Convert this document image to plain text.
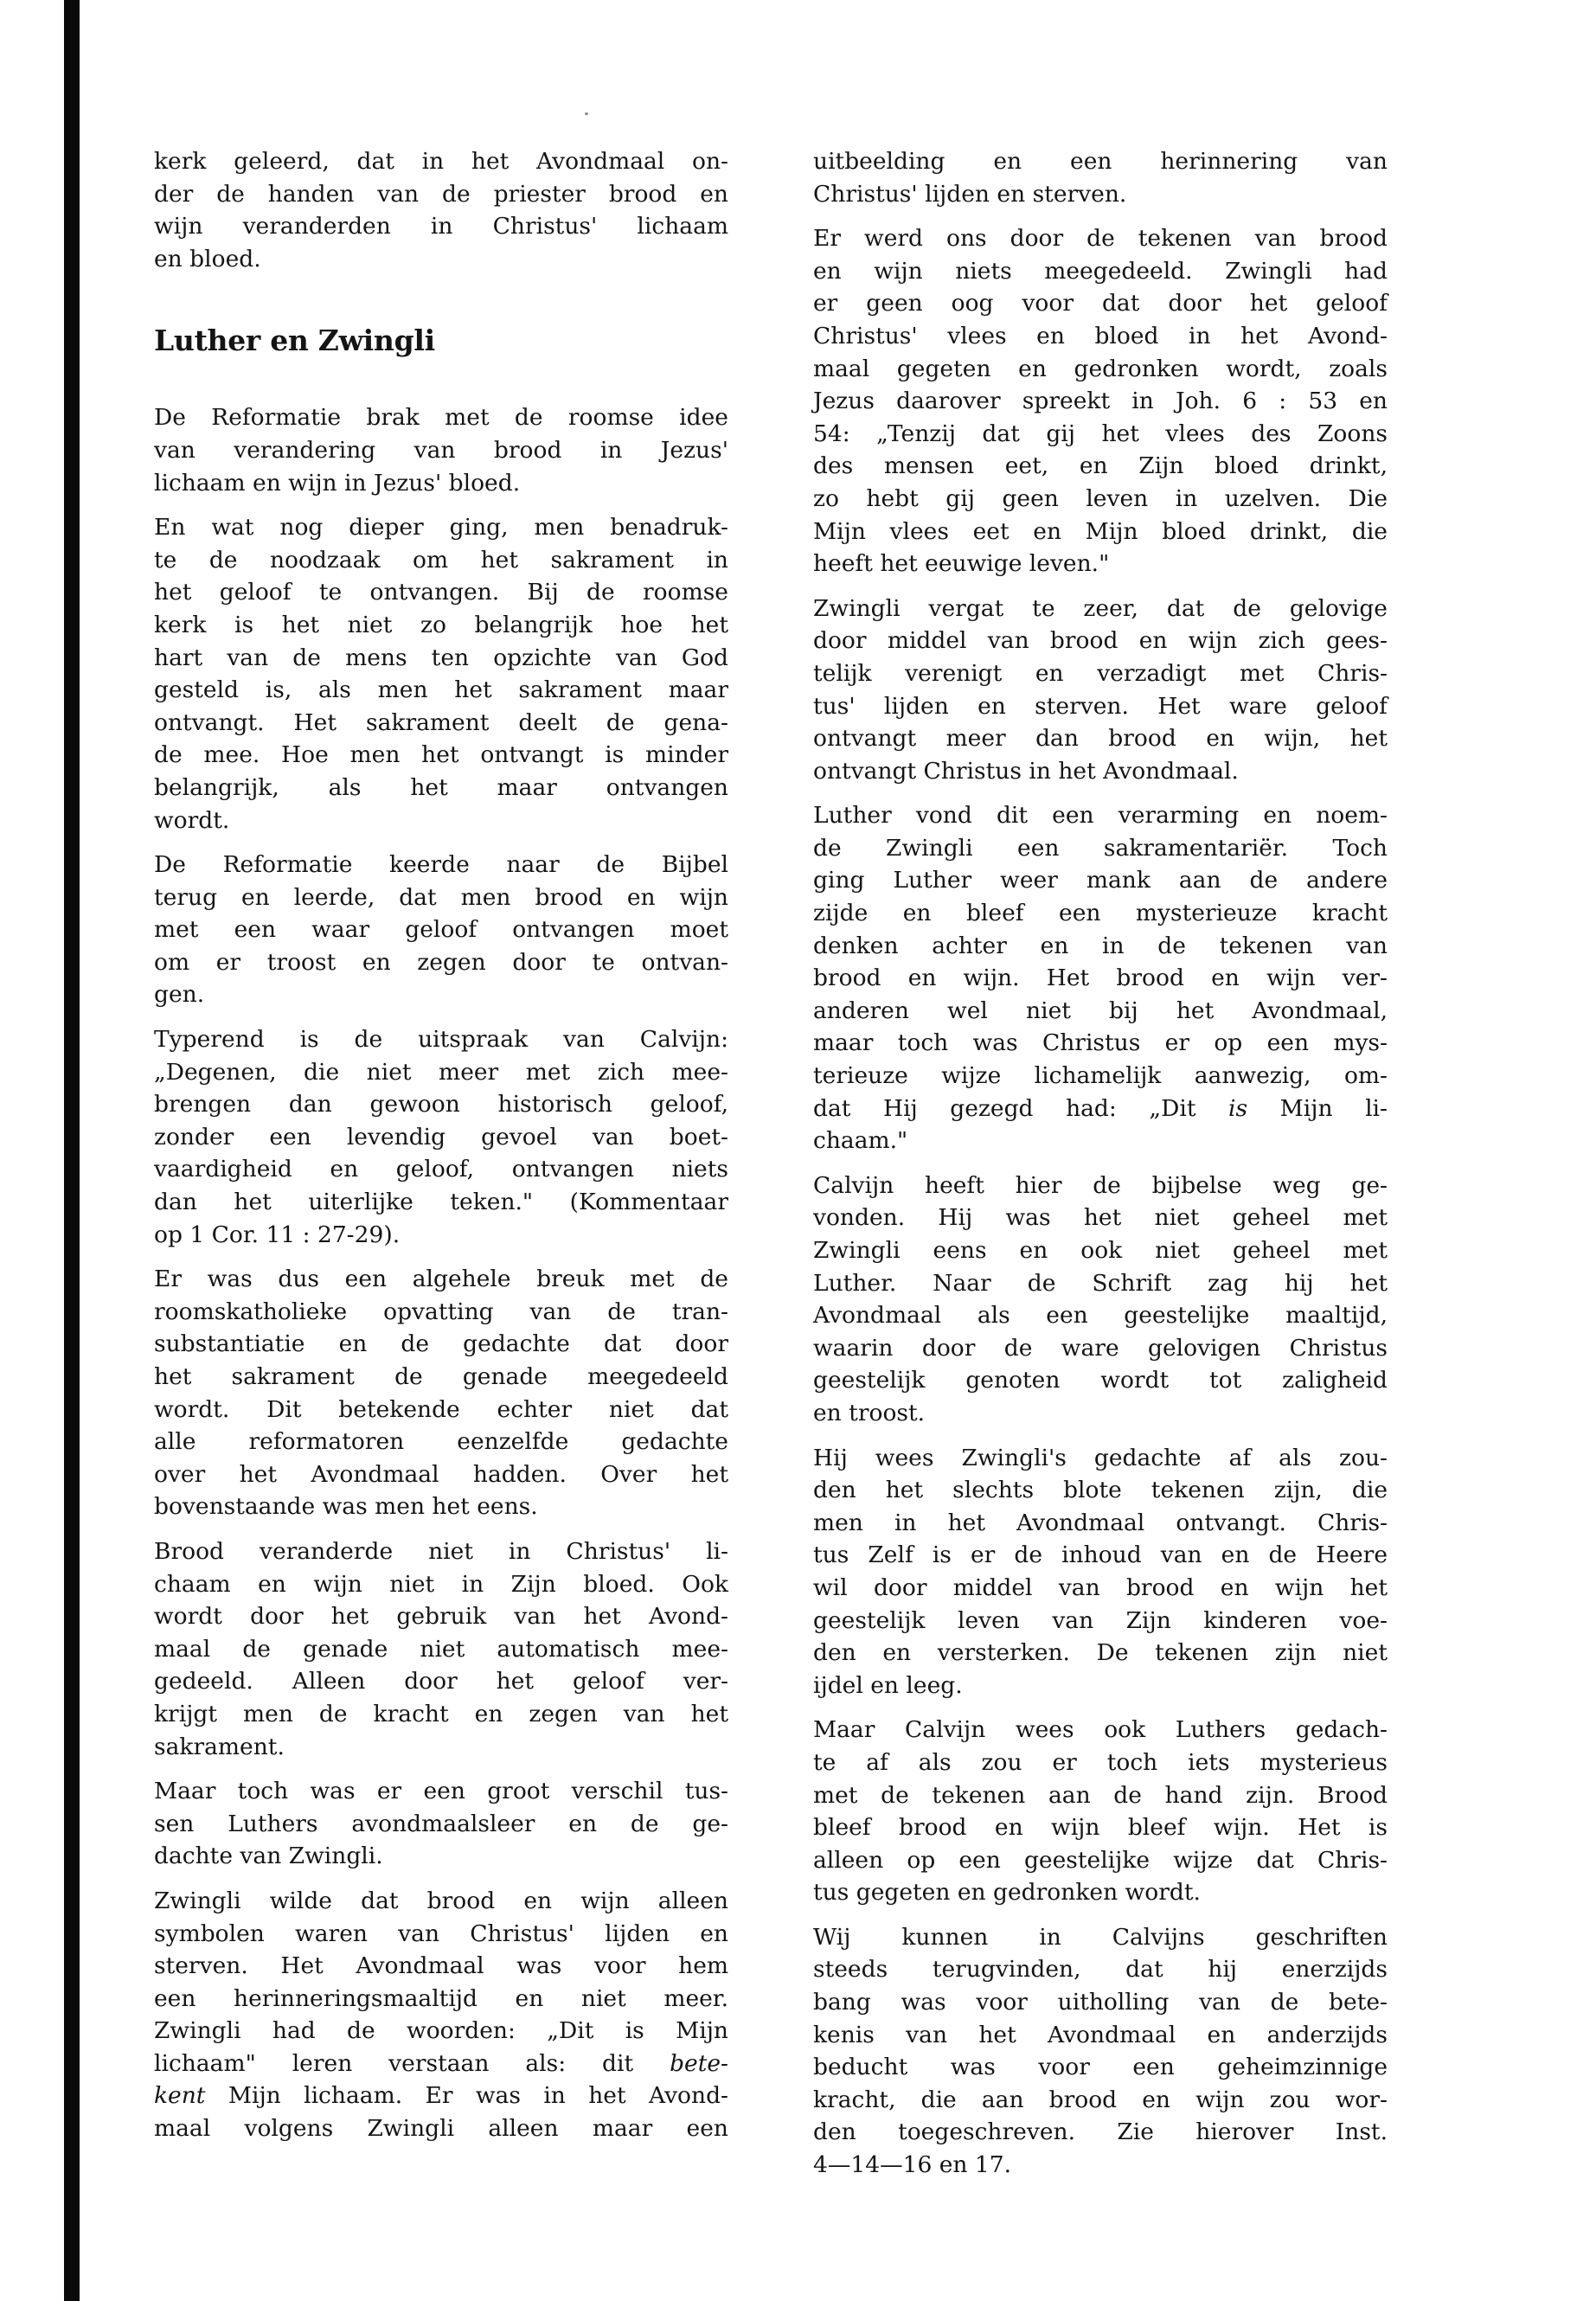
kerk geleerd, dat in het Avondmaal on-
der de handen van de priester brood en
wijn veranderden in Christus' lichaam
en bloed.

Luther en Zwingli

De Reformatie brak met de roomse idee
van verandering van brood in Jezus'
lichaam en wijn in Jezus' bloed.

En wat nog dieper ging, men benadruk-
te de noodzaak om het sakrament in
het geloof te ontvangen. Bij de roomse
kerk is het niet zo belangrijk hoe het
hart van de mens ten opzichte van God
gesteld is, als men het sakrament maar
ontvangt. Het sakrament deelt de gena-
de mee. Hoe men het ontvangt is minder
belangrijk, als het maar ontvangen
wordt.

De Reformatie keerde naar de Bijbel
terug en leerde, dat men brood en wijn
met een waar geloof ontvangen moet
om er troost en zegen door te ontvan-
gen.

Typerend is de uitspraak van Calvijn:
„Degenen, die niet meer met zich mee-
brengen dan gewoon historisch geloof,
zonder een levendig gevoel van boet-
vaardigheid en geloof, ontvangen niets
dan het uiterlijke teken." (Kommentaar
op 1 Cor. 11 : 27-29).

Er was dus een algehele breuk met de
roomskatholieke opvatting van de tran-
substantiatie en de gedachte dat door
het sakrament de genade meegedeeld
wordt. Dit betekende echter niet dat
alle reformatoren eenzelfde gedachte
over het Avondmaal hadden. Over het
bovenstaande was men het eens.

Brood veranderde niet in Christus' li-
chaam en wijn niet in Zijn bloed. Ook
wordt door het gebruik van het Avond-
maal de genade niet automatisch mee-
gedeeld. Alleen door het geloof ver-
krijgt men de kracht en zegen van het
sakrament.

Maar toch was er een groot verschil tus-
sen Luthers avondmaalsleer en de ge-
dachte van Zwingli.

Zwingli wilde dat brood en wijn alleen
symbolen waren van Christus' lijden en
sterven. Het Avondmaal was voor hem
een herinneringsmaaltijd en niet meer.
Zwingli had de woorden: „Dit is Mijn
lichaam" leren verstaan als: dit bete-
kent Mijn lichaam. Er was in het Avond-
maal volgens Zwingli alleen maar een

uitbeelding en een herinnering van
Christus' lijden en sterven.

Er werd ons door de tekenen van brood
en wijn niets meegedeeld. Zwingli had
er geen oog voor dat door het geloof
Christus' vlees en bloed in het Avond-
maal gegeten en gedronken wordt, zoals
Jezus daarover spreekt in Joh. 6 : 53 en
54: „Tenzij dat gij het vlees des Zoons
des mensen eet, en Zijn bloed drinkt,
zo hebt gij geen leven in uzelven. Die
Mijn vlees eet en Mijn bloed drinkt, die
heeft het eeuwige leven."

Zwingli vergat te zeer, dat de gelovige
door middel van brood en wijn zich gees-
telijk verenigt en verzadigt met Chris-
tus' lijden en sterven. Het ware geloof
ontvangt meer dan brood en wijn, het
ontvangt Christus in het Avondmaal.

Luther vond dit een verarming en noem-
de Zwingli een sakramentariër. Toch
ging Luther weer mank aan de andere
zijde en bleef een mysterieuze kracht
denken achter en in de tekenen van
brood en wijn. Het brood en wijn ver-
anderen wel niet bij het Avondmaal,
maar toch was Christus er op een mys-
terieuze wijze lichamelijk aanwezig, om-
dat Hij gezegd had: „Dit is Mijn li-
chaam."

Calvijn heeft hier de bijbelse weg ge-
vonden. Hij was het niet geheel met
Zwingli eens en ook niet geheel met
Luther. Naar de Schrift zag hij het
Avondmaal als een geestelijke maaltijd,
waarin door de ware gelovigen Christus
geestelijk genoten wordt tot zaligheid
en troost.

Hij wees Zwingli's gedachte af als zou-
den het slechts blote tekenen zijn, die
men in het Avondmaal ontvangt. Chris-
tus Zelf is er de inhoud van en de Heere
wil door middel van brood en wijn het
geestelijk leven van Zijn kinderen voe-
den en versterken. De tekenen zijn niet
ijdel en leeg.

Maar Calvijn wees ook Luthers gedach-
te af als zou er toch iets mysterieus
met de tekenen aan de hand zijn. Brood
bleef brood en wijn bleef wijn. Het is
alleen op een geestelijke wijze dat Chris-
tus gegeten en gedronken wordt.

Wij kunnen in Calvijns geschriften
steeds terugvinden, dat hij enerzijds
bang was voor uitholling van de bete-
kenis van het Avondmaal en anderzijds
beducht was voor een geheimzinnige
kracht, die aan brood en wijn zou wor-
den toegeschreven. Zie hierover Inst.
4—14—16 en 17.
